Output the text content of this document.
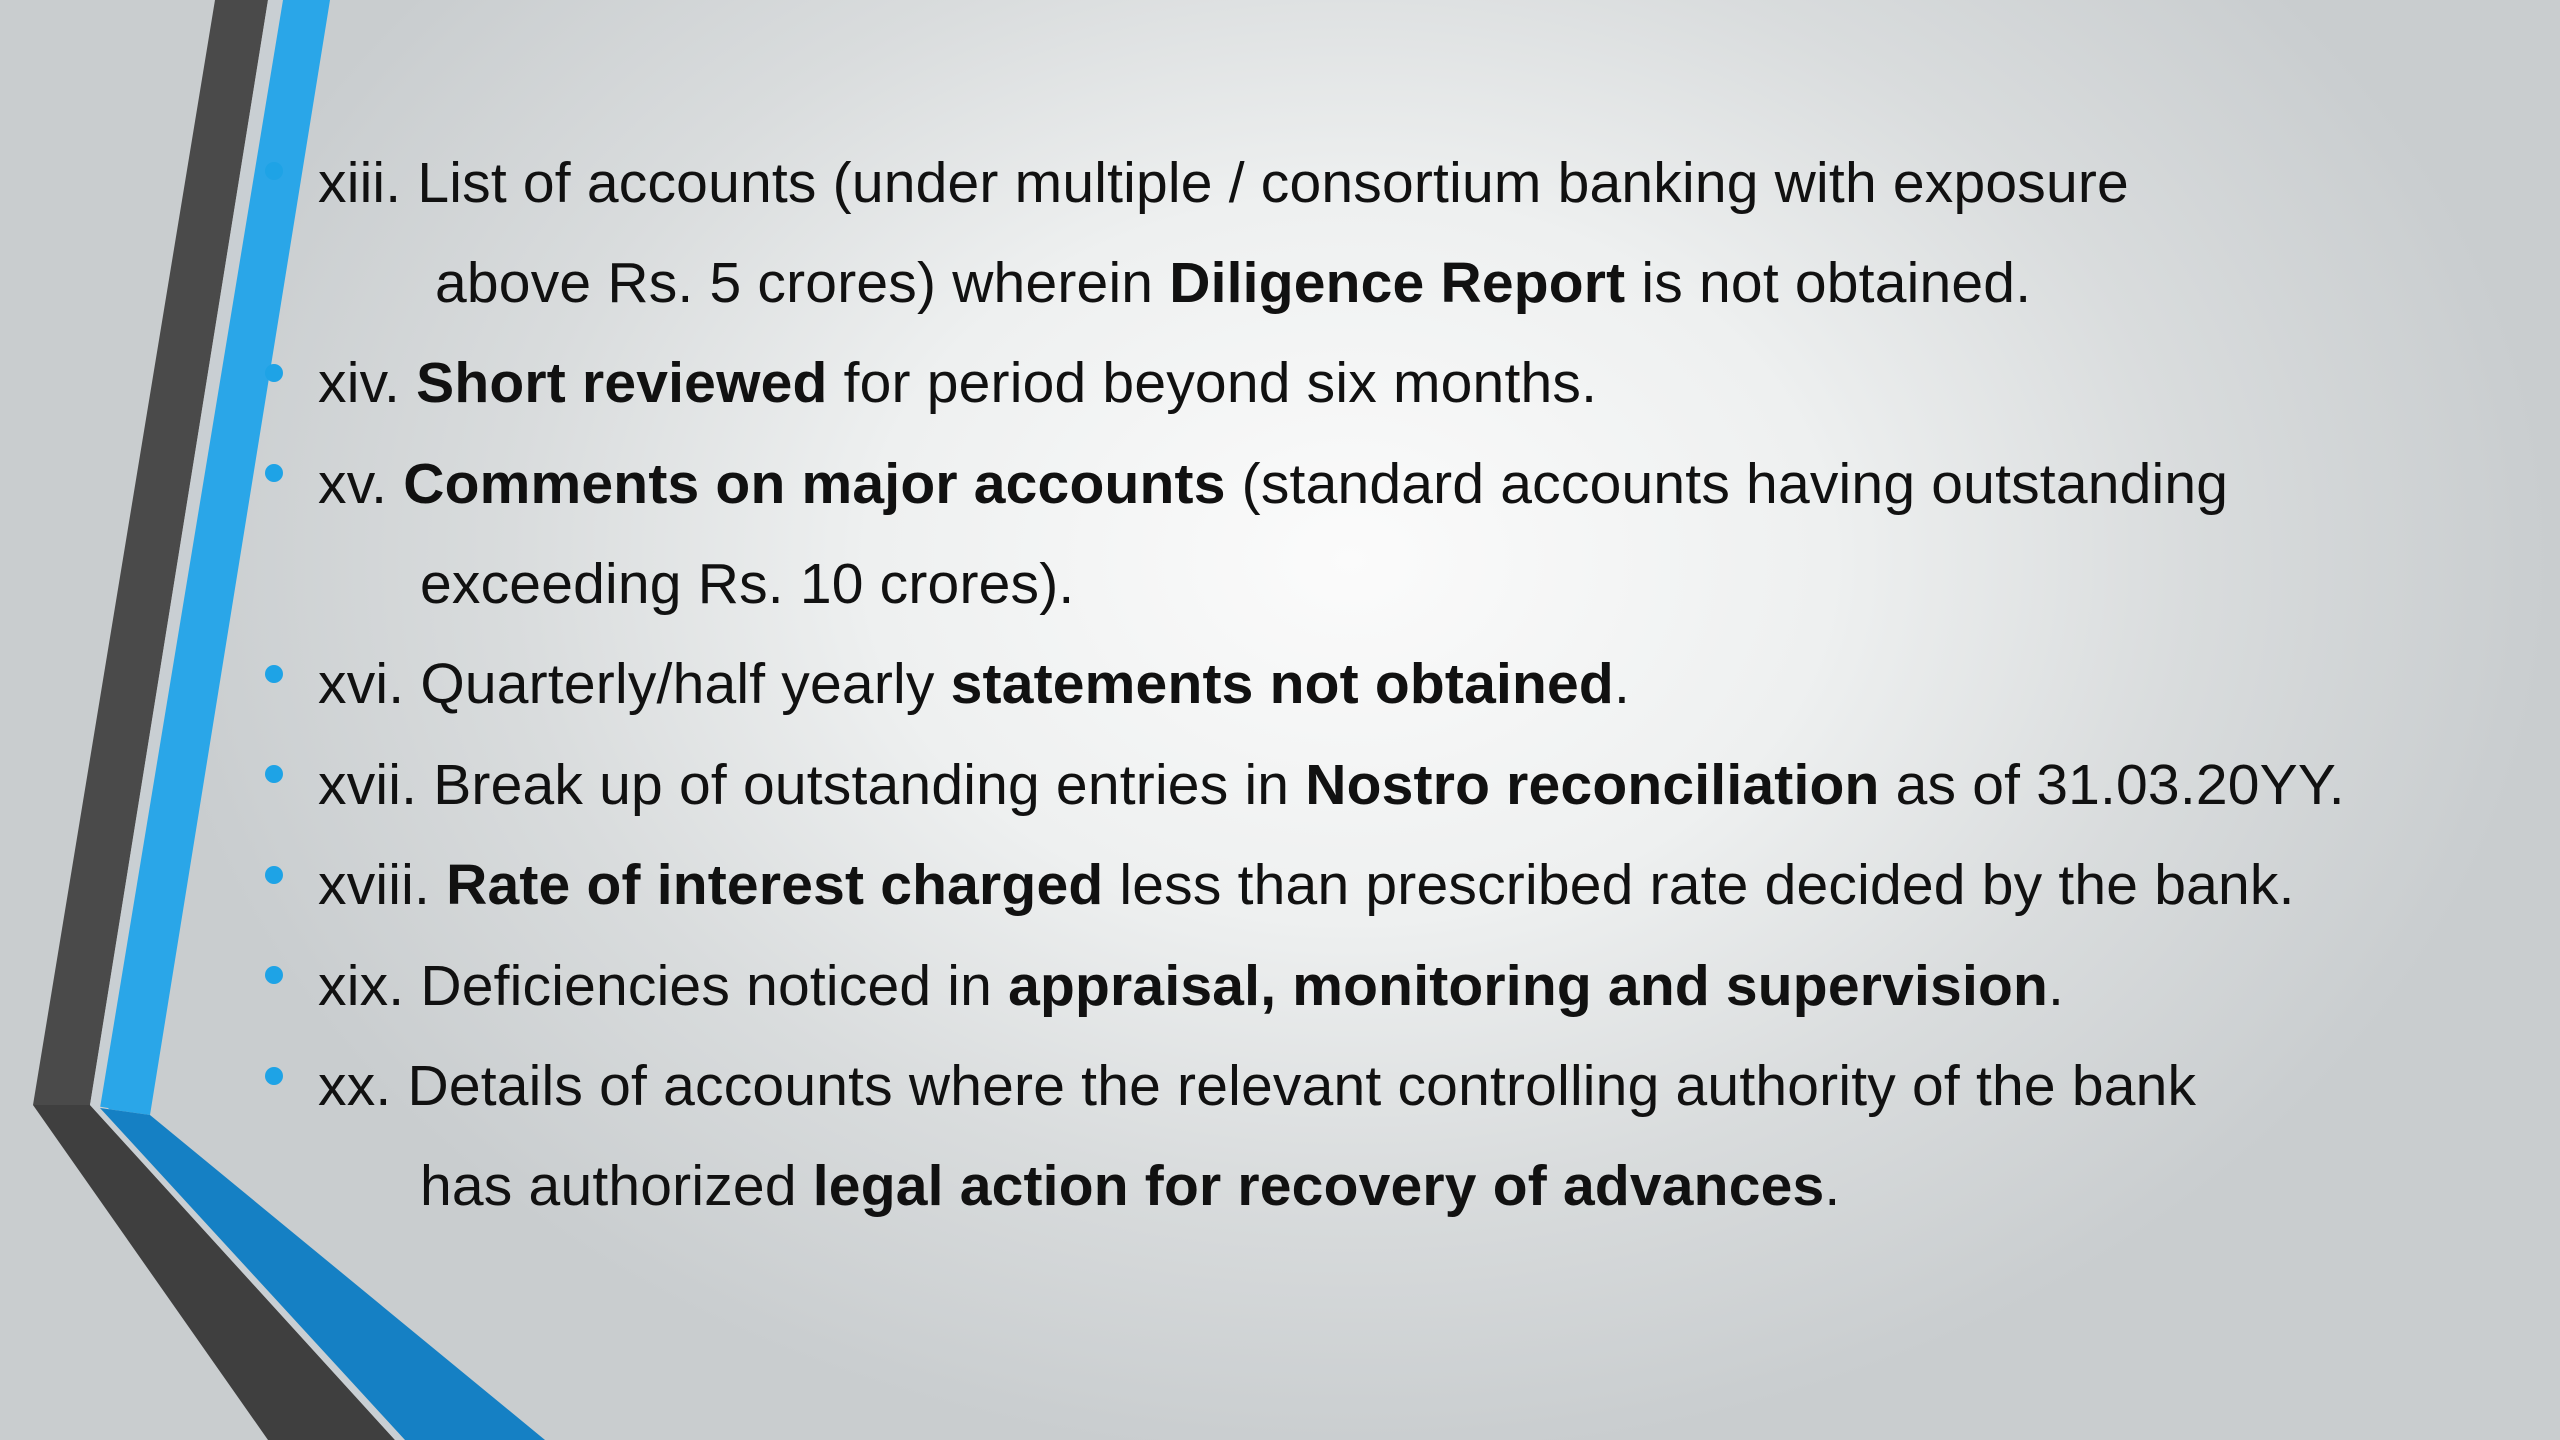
xiii. List of accounts (under multiple / consortium banking with exposure
above Rs. 5 crores) wherein Diligence Report is not obtained.
xiv. Short reviewed for period beyond six months.
xv. Comments on major accounts (standard accounts having outstanding
exceeding Rs. 10 crores).
xvi. Quarterly/half yearly statements not obtained.
xvii. Break up of outstanding entries in Nostro reconciliation as of 31.03.20YY.
xviii. Rate of interest charged less than prescribed rate decided by the bank.
xix. Deficiencies noticed in appraisal, monitoring and supervision.
xx. Details of accounts where the relevant controlling authority of the bank
has authorized legal action for recovery of advances.
